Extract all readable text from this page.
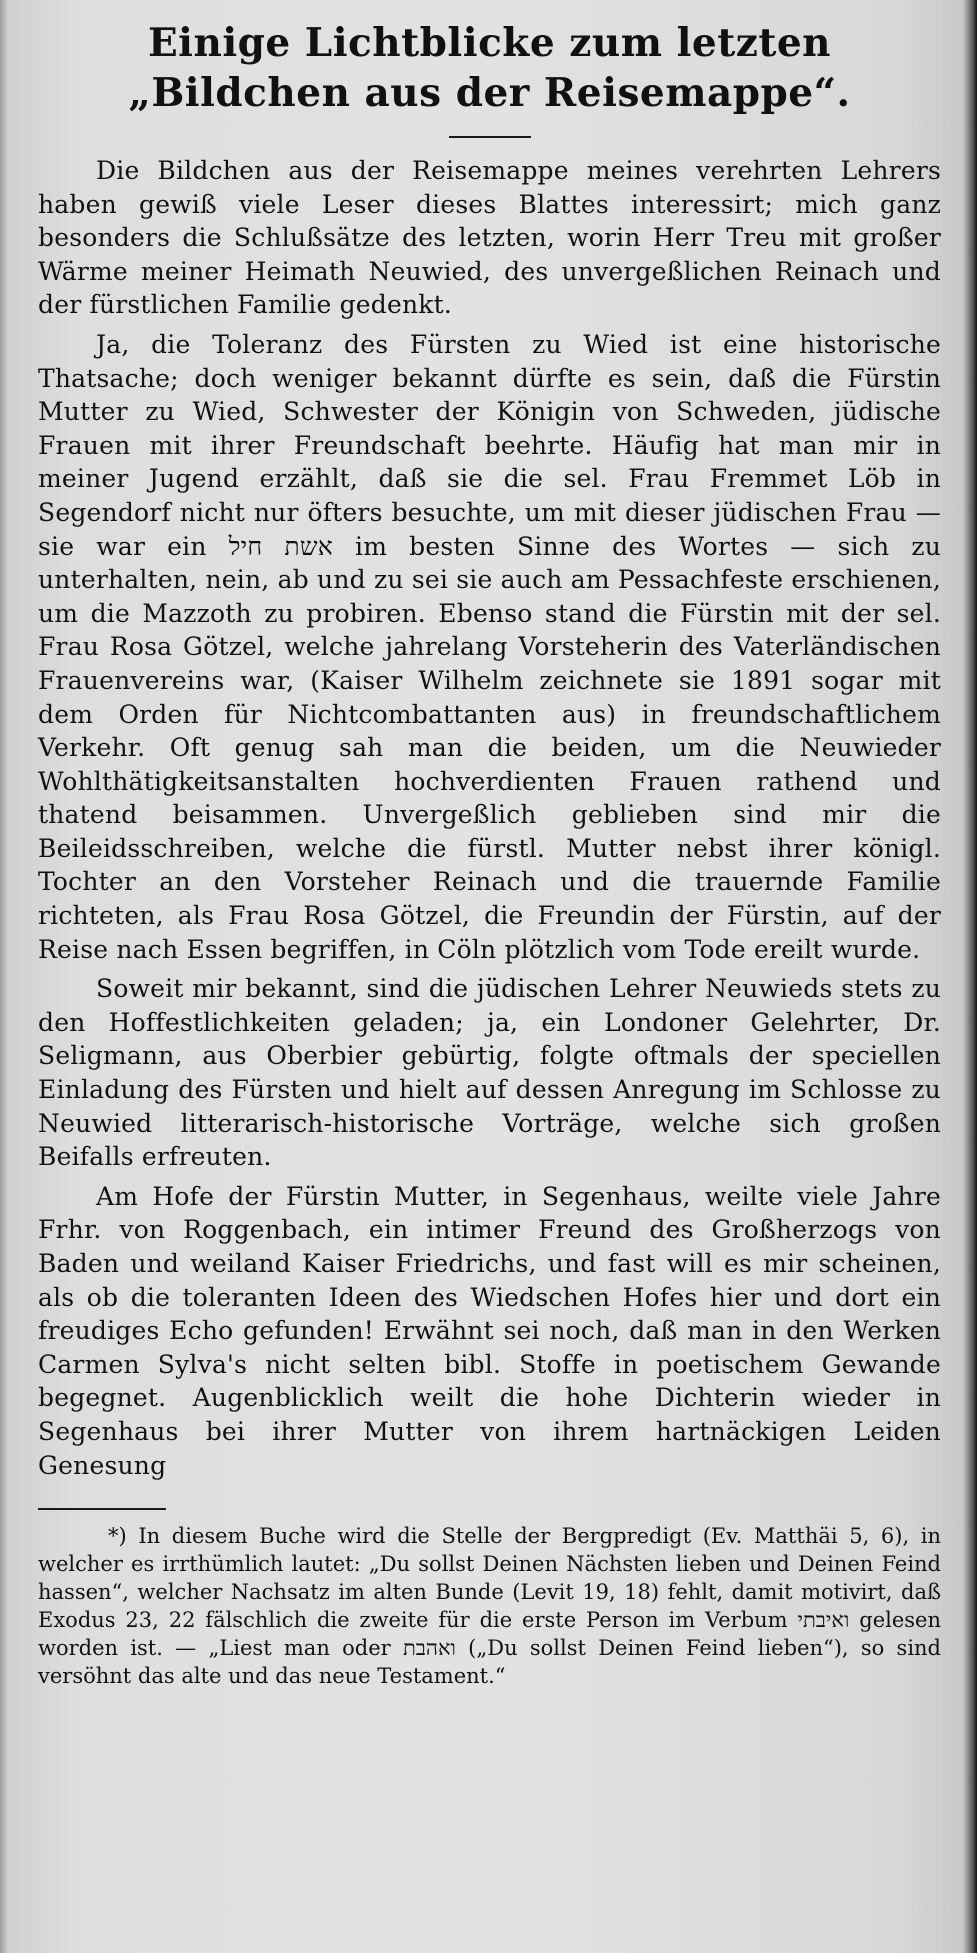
Einige Lichtblicke zum letzten „Bildchen aus der Reisemappe“.

Die Bildchen aus der Reisemappe meines verehrten Lehrers haben gewiß viele Leser dieses Blattes interessirt; mich ganz besonders die Schlußsätze des letzten, worin Herr Treu mit großer Wärme meiner Heimath Neuwied, des unvergeßlichen Reinach und der fürstlichen Familie gedenkt.

Ja, die Toleranz des Fürsten zu Wied ist eine historische Thatsache; doch weniger bekannt dürfte es sein, daß die Fürstin Mutter zu Wied, Schwester der Königin von Schweden, jüdische Frauen mit ihrer Freundschaft beehrte. Häufig hat man mir in meiner Jugend erzählt, daß sie die sel. Frau Fremmet Löb in Segendorf nicht nur öfters besuchte, um mit dieser jüdischen Frau — sie war ein אשת חיל im besten Sinne des Wortes — sich zu unterhalten, nein, ab und zu sei sie auch am Pessachfeste erschienen, um die Mazzoth zu probiren. Ebenso stand die Fürstin mit der sel. Frau Rosa Götzel, welche jahrelang Vorsteherin des Vaterländischen Frauenvereins war, (Kaiser Wilhelm zeichnete sie 1891 sogar mit dem Orden für Nichtcombattanten aus) in freundschaftlichem Verkehr. Oft genug sah man die beiden, um die Neuwieder Wohlthätigkeitsanstalten hochverdienten Frauen rathend und thatend beisammen. Unvergeßlich geblieben sind mir die Beileidsschreiben, welche die fürstl. Mutter nebst ihrer königl. Tochter an den Vorsteher Reinach und die trauernde Familie richteten, als Frau Rosa Götzel, die Freundin der Fürstin, auf der Reise nach Essen begriffen, in Cöln plötzlich vom Tode ereilt wurde.

Soweit mir bekannt, sind die jüdischen Lehrer Neuwieds stets zu den Hoffestlichkeiten geladen; ja, ein Londoner Gelehrter, Dr. Seligmann, aus Oberbier gebürtig, folgte oftmals der speciellen Einladung des Fürsten und hielt auf dessen Anregung im Schlosse zu Neuwied litterarisch-historische Vorträge, welche sich großen Beifalls erfreuten.

Am Hofe der Fürstin Mutter, in Segenhaus, weilte viele Jahre Frhr. von Roggenbach, ein intimer Freund des Großherzogs von Baden und weiland Kaiser Friedrichs, und fast will es mir scheinen, als ob die toleranten Ideen des Wiedschen Hofes hier und dort ein freudiges Echo gefunden! Erwähnt sei noch, daß man in den Werken Carmen Sylva's nicht selten bibl. Stoffe in poetischem Gewande begegnet. Augenblicklich weilt die hohe Dichterin wieder in Segenhaus bei ihrer Mutter von ihrem hartnäckigen Leiden Genesung

*) In diesem Buche wird die Stelle der Bergpredigt (Ev. Matthäi 5, 6), in welcher es irrthümlich lautet: „Du sollst Deinen Nächsten lieben und Deinen Feind hassen“, welcher Nachsatz im alten Bunde (Levit 19, 18) fehlt, damit motivirt, daß Exodus 23, 22 fälschlich die zweite für die erste Person im Verbum ואיבתי gelesen worden ist. — „Liest man oder ואהבת („Du sollst Deinen Feind lieben“), so sind versöhnt das alte und das neue Testament.“
